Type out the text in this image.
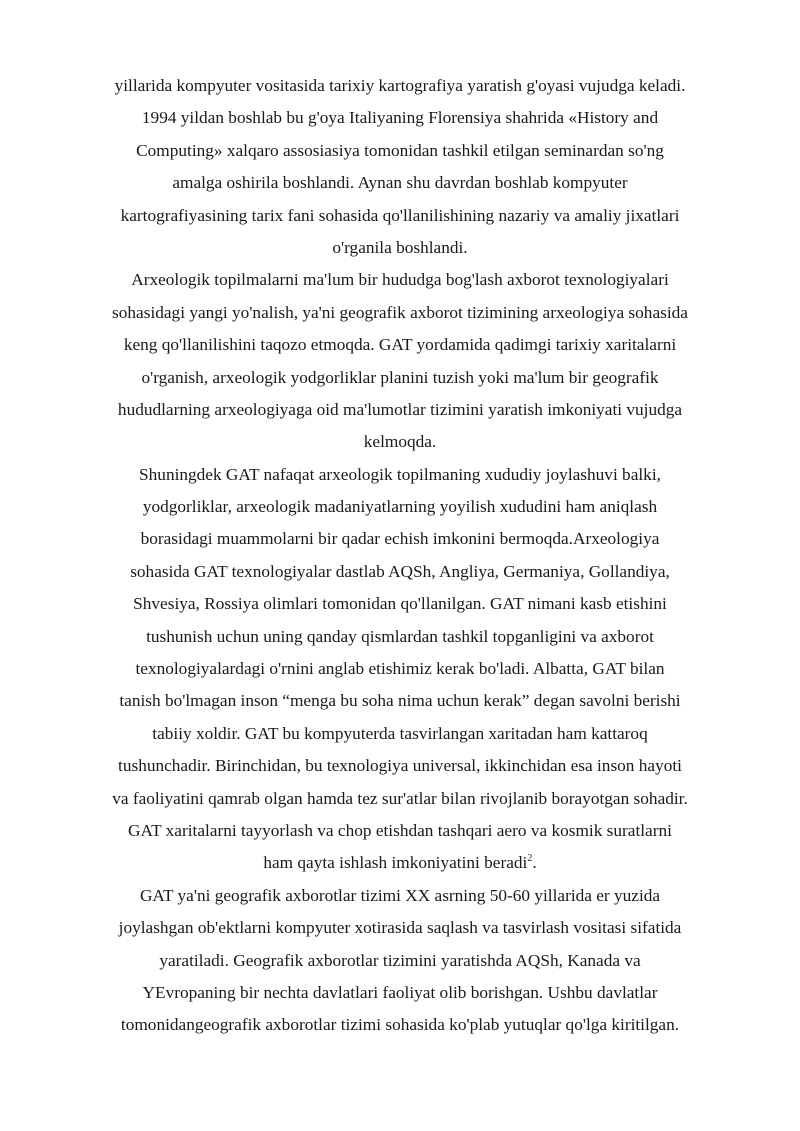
yillarida kompyuter vositasida tarixiy kartografiya yaratish g'oyasi vujudga keladi.
1994 yildan boshlab bu g'oya Italiyaning Florensiya shahrida «History and
Computing» xalqaro assosiasiya tomonidan tashkil etilgan seminardan so'ng
amalga oshirila boshlandi. Aynan shu davrdan boshlab kompyuter
kartografiyasining tarix fani sohasida qo'llanilishining nazariy va amaliy jixatlari
o'rganila boshlandi.
Arxeologik topilmalarni ma'lum bir hududga bog'lash axborot texnologiyalari
sohasidagi yangi yo'nalish, ya'ni geografik axborot tizimining arxeologiya sohasida
keng qo'llanilishini taqozo etmoqda. GAT yordamida qadimgi tarixiy xaritalarni
o'rganish, arxeologik yodgorliklar planini tuzish yoki ma'lum bir geografik
hududlarning arxeologiyaga oid ma'lumotlar tizimini yaratish imkoniyati vujudga
kelmoqda.
Shuningdek GAT nafaqat arxeologik topilmaning xududiy joylashuvi balki,
yodgorliklar, arxeologik madaniyatlarning yoyilish xududini ham aniqlash
borasidagi muammolarni bir qadar echish imkonini bermoqda.Arxeologiya
sohasida GAT texnologiyalar dastlab AQSh, Angliya, Germaniya, Gollandiya,
Shvesiya, Rossiya olimlari tomonidan qo'llanilgan. GAT nimani kasb etishini
tushunish uchun uning qanday qismlardan tashkil topganligini va axborot
texnologiyalardagi o'rnini anglab etishimiz kerak bo'ladi. Albatta, GAT bilan
tanish bo'lmagan inson “menga bu soha nima uchun kerak” degan savolni berishi
tabiiy xoldir. GAT bu kompyuterda tasvirlangan xaritadan ham kattaroq
tushunchadir. Birinchidan, bu texnologiya universal, ikkinchidan esa inson hayoti
va faoliyatini qamrab olgan hamda tez sur'atlar bilan rivojlanib borayotgan sohadir.
GAT xaritalarni tayyorlash va chop etishdan tashqari aero va kosmik suratlarni
ham qayta ishlash imkoniyatini beradi$^2$.
GAT ya'ni geografik axborotlar tizimi XX asrning 50-60 yillarida er yuzida
joylashgan ob'ektlarni kompyuter xotirasida saqlash va tasvirlash vositasi sifatida
yaratiladi. Geografik axborotlar tizimini yaratishda AQSh, Kanada va
YEvropaning bir nechta davlatlari faoliyat olib borishgan. Ushbu davlatlar
tomonidangeografik axborotlar tizimi sohasida ko'plab yutuqlar qo'lga kiritilgan.
